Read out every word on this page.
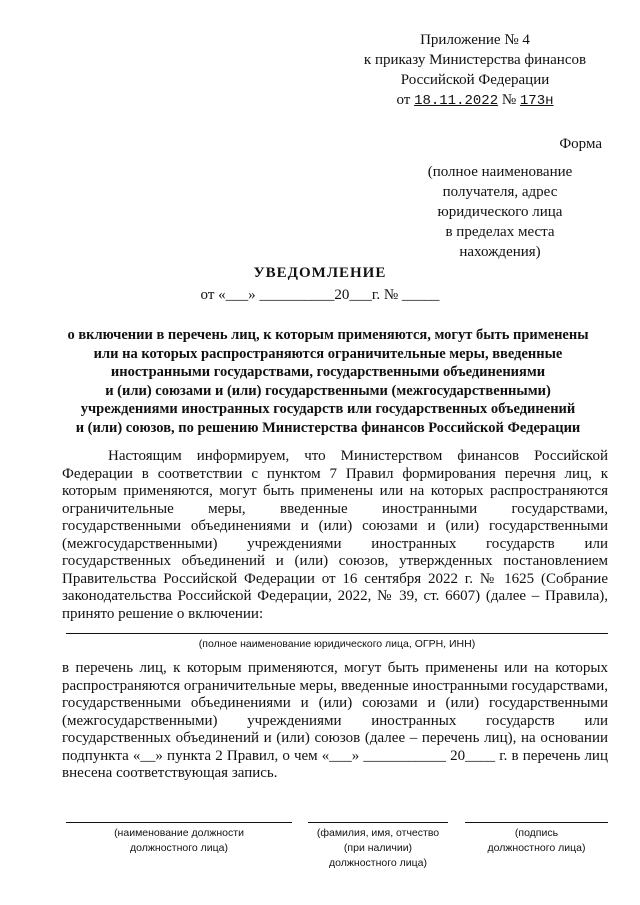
Приложение № 4
к приказу Министерства финансов
Российской Федерации
от 18.11.2022 № 173н
Форма
(полное наименование
получателя, адрес
юридического лица
в пределах места
нахождения)
УВЕДОМЛЕНИЕ
от «___» __________20___г. № _____
о включении в перечень лиц, к которым применяются, могут быть применены
или на которых распространяются ограничительные меры, введенные
иностранными государствами, государственными объединениями
и (или) союзами и (или) государственными (межгосударственными)
учреждениями иностранных государств или государственных объединений
и (или) союзов, по решению Министерства финансов Российской Федерации
Настоящим информируем, что Министерством финансов Российской Федерации в соответствии с пунктом 7 Правил формирования перечня лиц, к которым применяются, могут быть применены или на которых распространяются ограничительные меры, введенные иностранными государствами, государственными объединениями и (или) союзами и (или) государственными (межгосударственными) учреждениями иностранных государств или государственных объединений и (или) союзов, утвержденных постановлением Правительства Российской Федерации от 16 сентября 2022 г. № 1625 (Собрание законодательства Российской Федерации, 2022, № 39, ст. 6607) (далее – Правила), принято решение о включении:
(полное наименование юридического лица, ОГРН, ИНН)
в перечень лиц, к которым применяются, могут быть применены или на которых распространяются ограничительные меры, введенные иностранными государствами, государственными объединениями и (или) союзами и (или) государственными (межгосударственными) учреждениями иностранных государств или государственных объединений и (или) союзов (далее – перечень лиц), на основании подпункта «__» пункта 2 Правил, о чем «___» ___________ 20____ г. в перечень лиц внесена соответствующая запись.
(наименование должности
должностного лица)
(фамилия, имя, отчество
(при наличии)
должностного лица)
(подпись
должностного лица)
